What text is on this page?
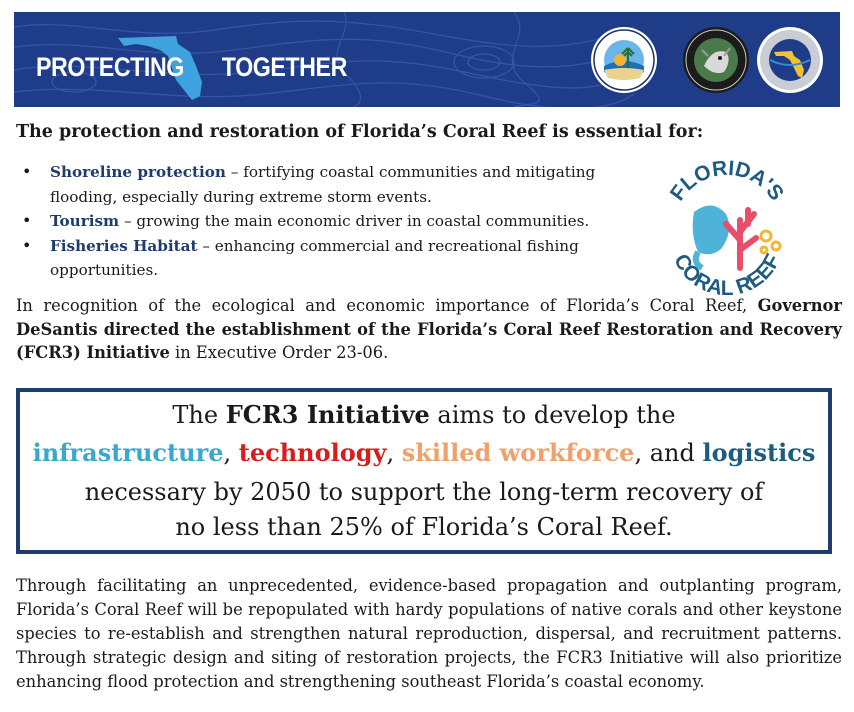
PROTECTING TOGETHER
The protection and restoration of Florida’s Coral Reef is essential for:
• Shoreline protection – fortifying coastal communities and mitigating flooding, especially during extreme storm events.
• Tourism – growing the main economic driver in coastal communities.
• Fisheries Habitat – enhancing commercial and recreational fishing opportunities.
FLORIDA'S
CORAL REEF
In recognition of the ecological and economic importance of Florida’s Coral Reef, Governor DeSantis directed the establishment of the Florida’s Coral Reef Restoration and Recovery (FCR3) Initiative in Executive Order 23-06.
The FCR3 Initiative aims to develop the
infrastructure, technology, skilled workforce, and logistics
necessary by 2050 to support the long-term recovery of
no less than 25% of Florida’s Coral Reef.
Through facilitating an unprecedented, evidence-based propagation and outplanting program, Florida’s Coral Reef will be repopulated with hardy populations of native corals and other keystone species to re-establish and strengthen natural reproduction, dispersal, and recruitment patterns. Through strategic design and siting of restoration projects, the FCR3 Initiative will also prioritize enhancing flood protection and strengthening southeast Florida’s coastal economy.
